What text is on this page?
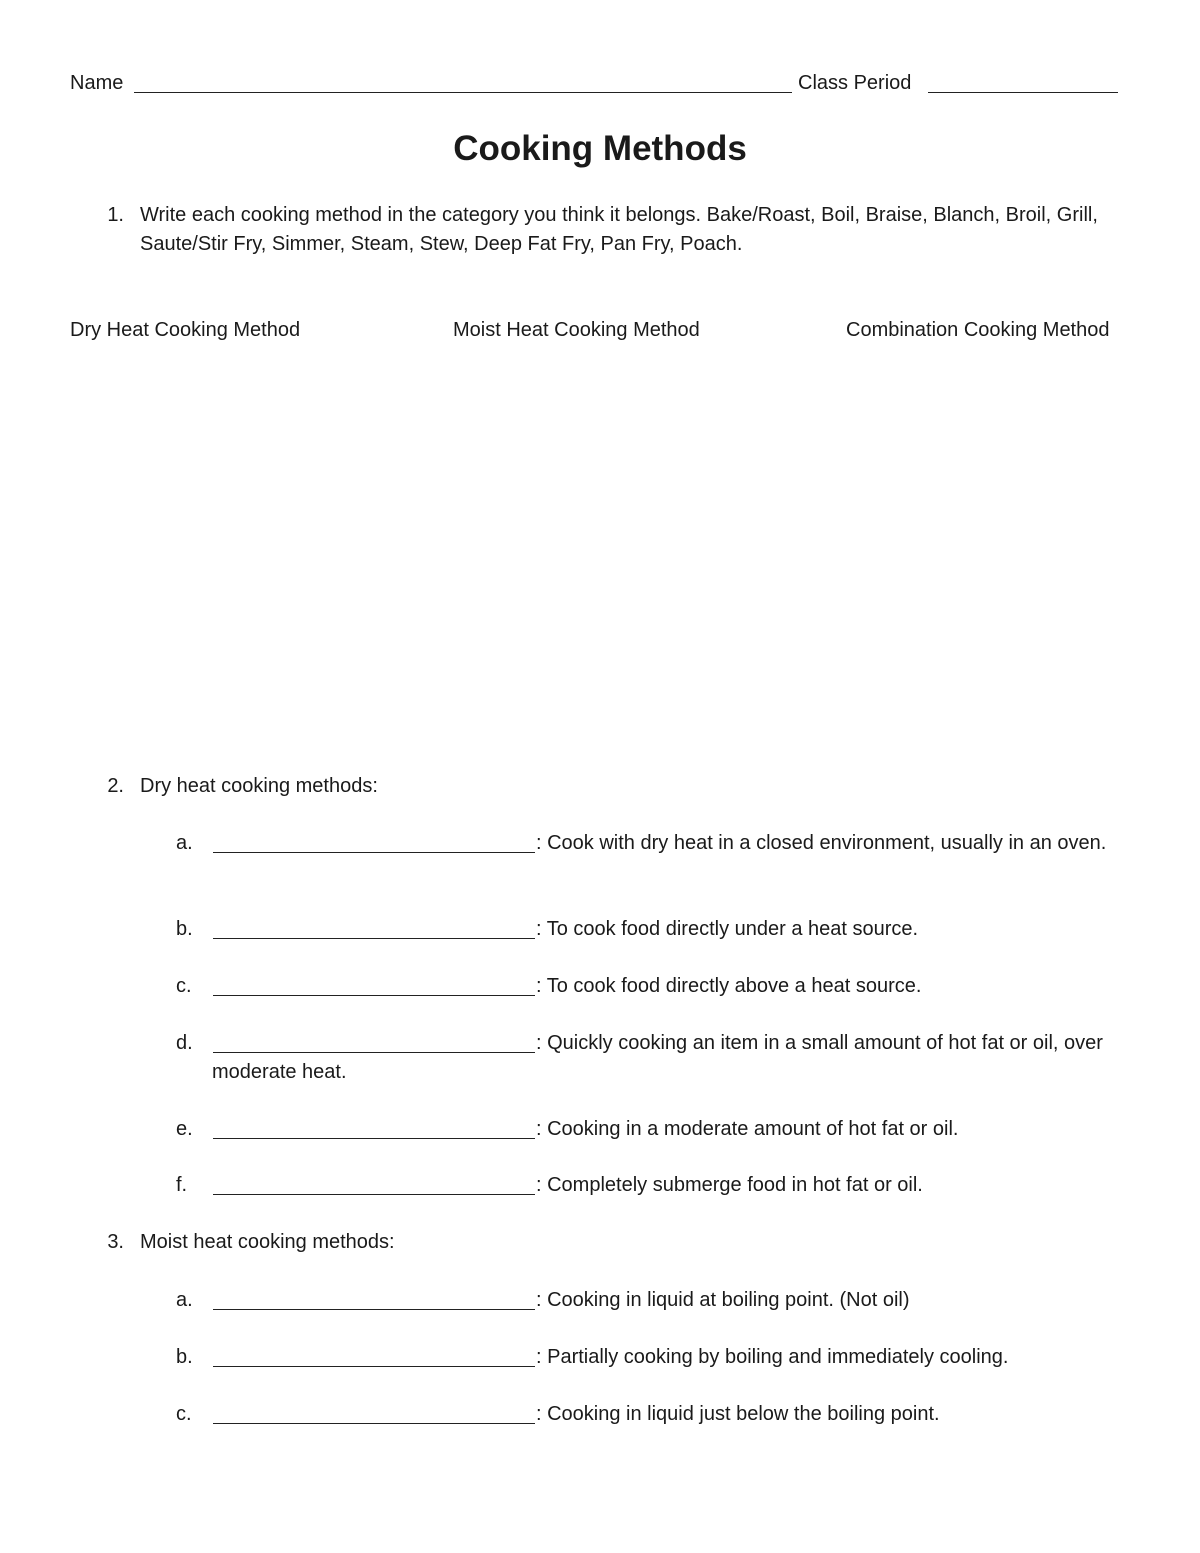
Name	Class Period
Cooking Methods
1. Write each cooking method in the category you think it belongs. Bake/Roast, Boil, Braise, Blanch, Broil, Grill, Saute/Stir Fry, Simmer, Steam, Stew, Deep Fat Fry, Pan Fry, Poach.
Dry Heat Cooking Method	Moist Heat Cooking Method	Combination Cooking Method
2. Dry heat cooking methods:
a.	: Cook with dry heat in a closed environment, usually in an oven.
b.	: To cook food directly under a heat source.
c.	: To cook food directly above a heat source.
d.	: Quickly cooking an item in a small amount of hot fat or oil, over moderate heat.
e.	: Cooking in a moderate amount of hot fat or oil.
f.	: Completely submerge food in hot fat or oil.
3. Moist heat cooking methods:
a.	: Cooking in liquid at boiling point. (Not oil)
b.	: Partially cooking by boiling and immediately cooling.
c.	: Cooking in liquid just below the boiling point.
